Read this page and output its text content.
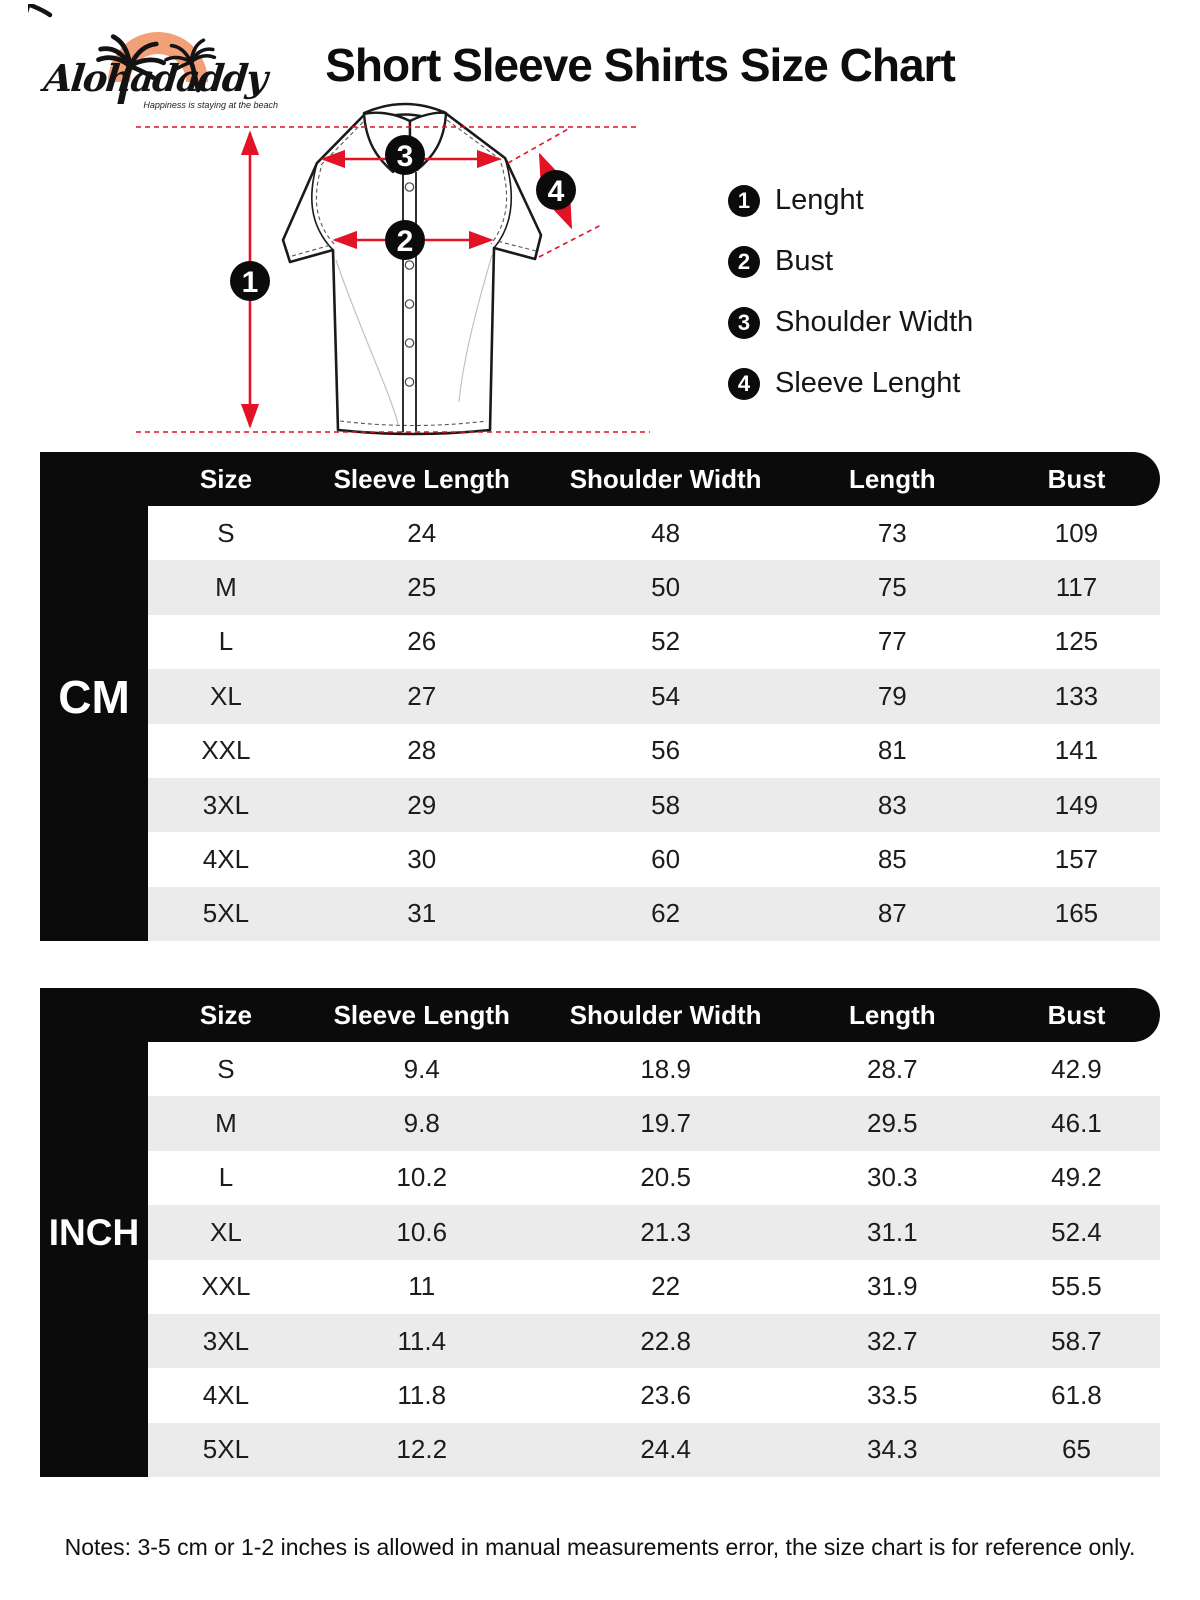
Alohadaddy
Happiness is staying at the beach
Short Sleeve Shirts Size Chart
1
2
3
4	1 Lenght
2 Bust
3 Shoulder Width
4 Sleeve Lenght
Size	Sleeve Length	Shoulder Width	Length	Bust
CM
S	24	48	73	109
M	25	50	75	117
L	26	52	77	125
XL	27	54	79	133
XXL	28	56	81	141
3XL	29	58	83	149
4XL	30	60	85	157
5XL	31	62	87	165
Size	Sleeve Length	Shoulder Width	Length	Bust
INCH
S	9.4	18.9	28.7	42.9
M	9.8	19.7	29.5	46.1
L	10.2	20.5	30.3	49.2
XL	10.6	21.3	31.1	52.4
XXL	11	22	31.9	55.5
3XL	11.4	22.8	32.7	58.7
4XL	11.8	23.6	33.5	61.8
5XL	12.2	24.4	34.3	65
Notes: 3-5 cm or 1-2 inches is allowed in manual measurements error, the size chart is for reference only.
